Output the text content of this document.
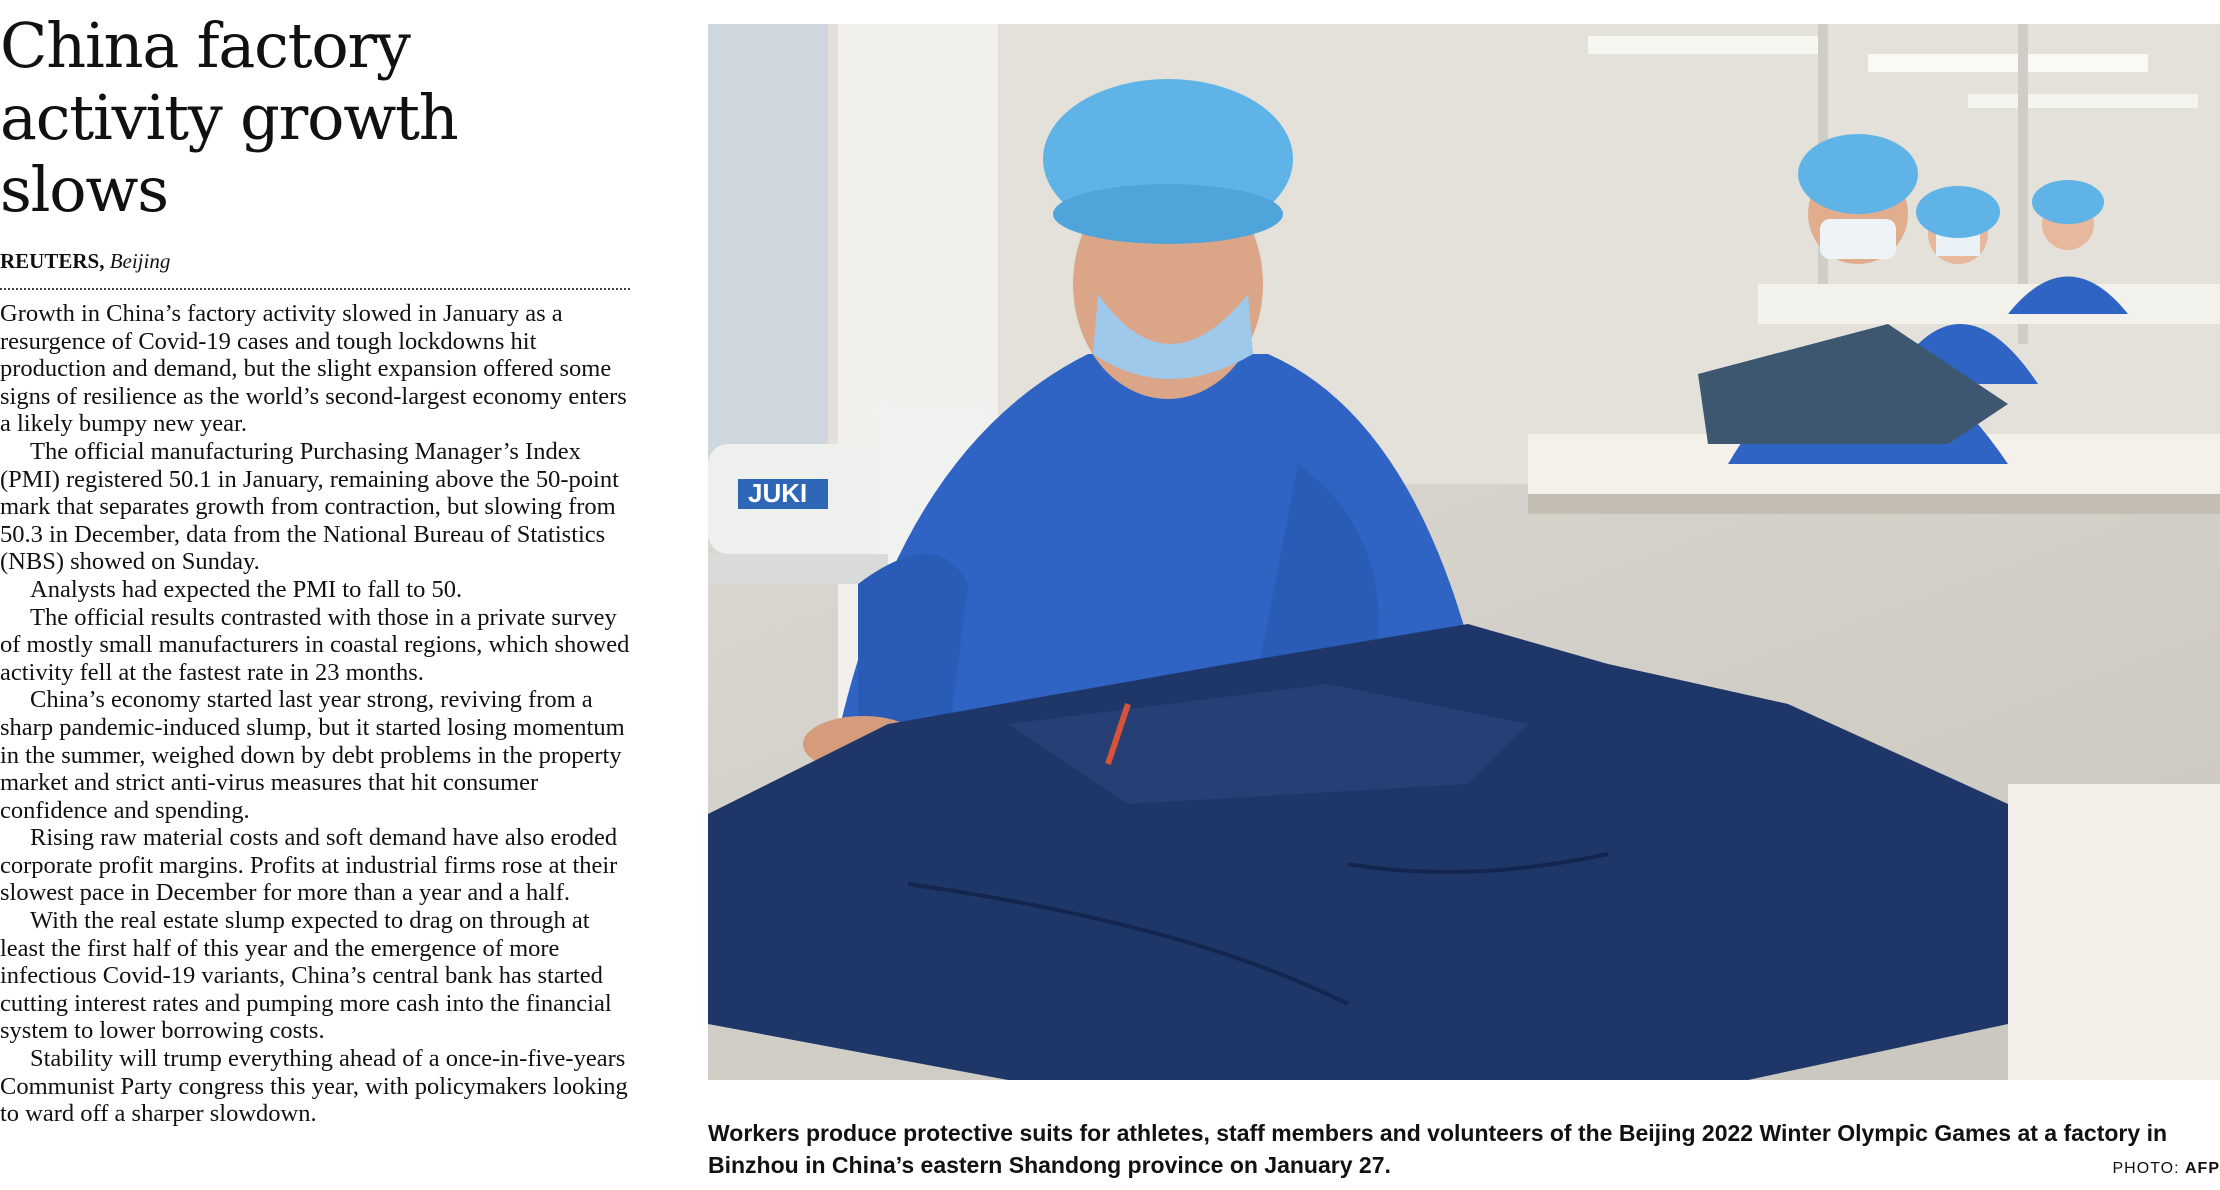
China factory activity growth slows
REUTERS, Beijing

Growth in China’s factory activity slowed in January as a resurgence of Covid-19 cases and tough lockdowns hit production and demand, but the slight expansion offered some signs of resilience as the world’s second-largest economy enters a likely bumpy new year.

The official manufacturing Purchasing Manager’s Index (PMI) registered 50.1 in January, remaining above the 50-point mark that separates growth from contraction, but slowing from 50.3 in December, data from the National Bureau of Statistics (NBS) showed on Sunday.

Analysts had expected the PMI to fall to 50.

The official results contrasted with those in a private survey of mostly small manufacturers in coastal regions, which showed activity fell at the fastest rate in 23 months.

China’s economy started last year strong, reviving from a sharp pandemic-induced slump, but it started losing momentum in the summer, weighed down by debt problems in the property market and strict anti-virus measures that hit consumer confidence and spending.

Rising raw material costs and soft demand have also eroded corporate profit margins. Profits at industrial firms rose at their slowest pace in December for more than a year and a half.

With the real estate slump expected to drag on through at least the first half of this year and the emergence of more infectious Covid-19 variants, China’s central bank has started cutting interest rates and pumping more cash into the financial system to lower borrowing costs.

Stability will trump everything ahead of a once-in-five-years Communist Party congress this year, with policymakers looking to ward off a sharper slowdown.

JUKI
Workers produce protective suits for athletes, staff members and volunteers of the Beijing 2022 Winter Olympic Games at a factory in Binzhou in China’s eastern Shandong province on January 27.	PHOTO: AFP
